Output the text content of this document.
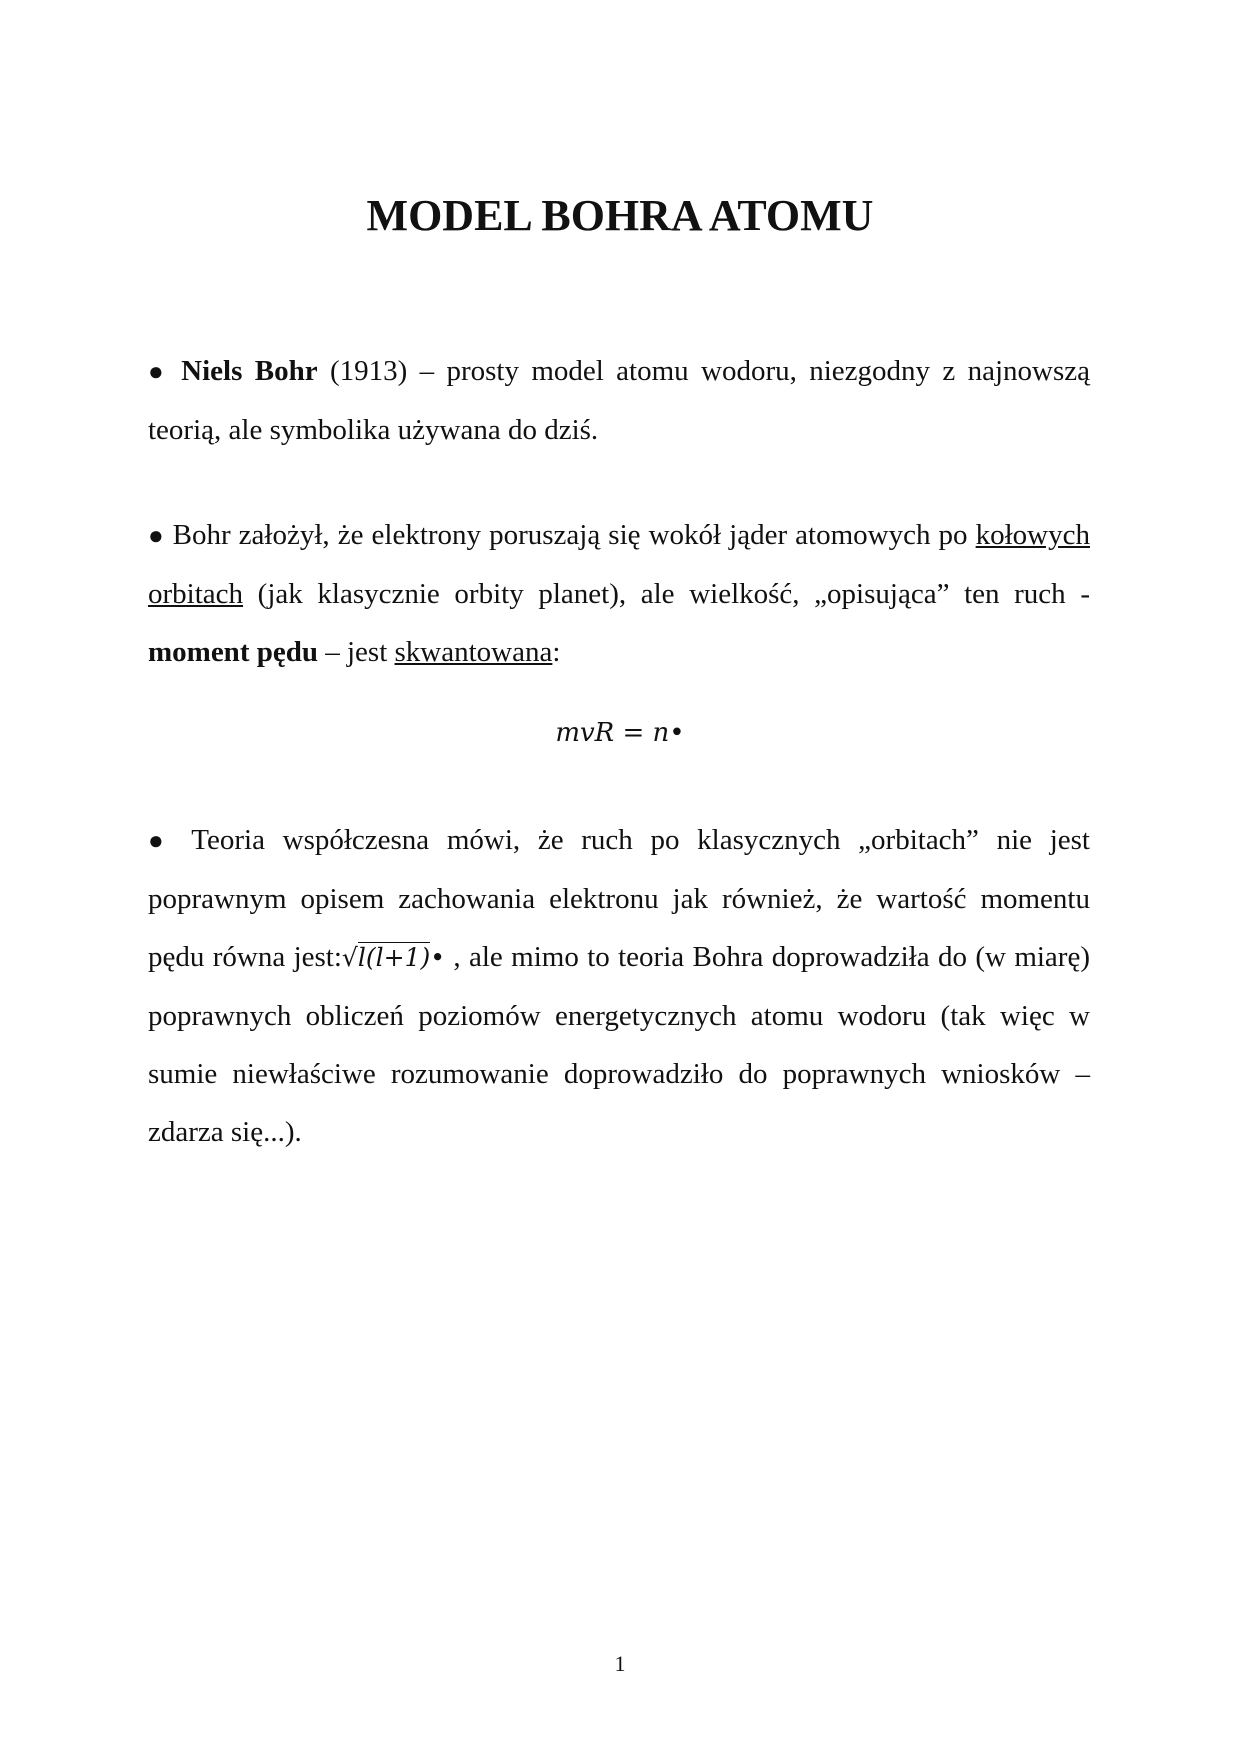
MODEL BOHRA ATOMU

● Niels Bohr (1913) – prosty model atomu wodoru, niezgodny z najnowszą teorią, ale symbolika używana do dziś.

● Bohr założył, że elektrony poruszają się wokół jąder atomowych po kołowych orbitach (jak klasycznie orbity planet), ale wielkość, „opisująca” ten ruch - moment pędu – jest skwantowana:

mvR = n•

● Teoria współczesna mówi, że ruch po klasycznych „orbitach” nie jest poprawnym opisem zachowania elektronu jak również, że wartość momentu pędu równa jest:√l(l+1)• , ale mimo to teoria Bohra doprowadziła do (w miarę) poprawnych obliczeń poziomów energetycznych atomu wodoru (tak więc w sumie niewłaściwe rozumowanie doprowadziło do poprawnych wniosków – zdarza się...).

1
